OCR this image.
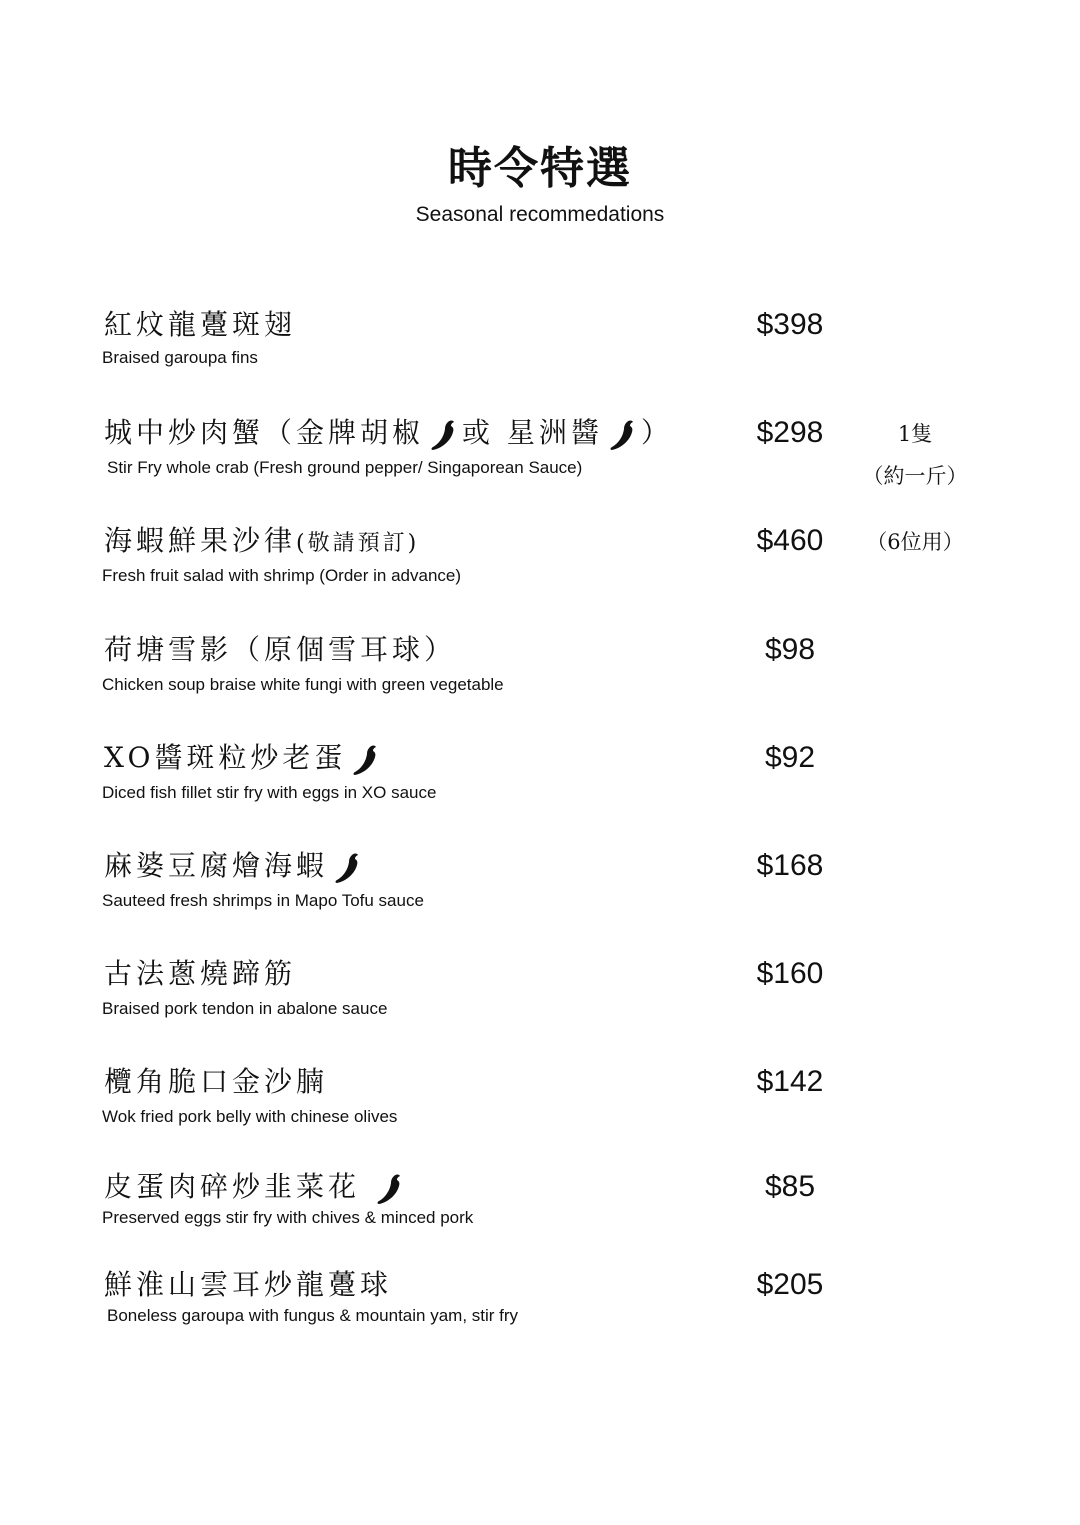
時令特選
Seasonal recommedations
紅炆龍躉斑翅
Braised garoupa fins
$398
城中炒肉蟹（金牌胡椒 或 星洲醬 ）
Stir Fry whole crab (Fresh ground pepper/ Singaporean Sauce)
$298	1隻
（約一斤）
海蝦鮮果沙律(敬請預訂)
Fresh fruit salad with shrimp (Order in advance)
$460	（6位用）
荷塘雪影（原個雪耳球）
Chicken soup braise white fungi with green vegetable
$98
XO醬斑粒炒老蛋
Diced fish fillet stir fry with eggs in XO sauce
$92
麻婆豆腐燴海蝦
Sauteed fresh shrimps in Mapo Tofu sauce
$168
古法蔥燒蹄筋
Braised pork tendon in abalone sauce
$160
欖角脆口金沙腩
Wok fried pork belly with chinese olives
$142
皮蛋肉碎炒韭菜花
Preserved eggs stir fry with chives & minced pork
$85
鮮淮山雲耳炒龍躉球
Boneless garoupa with fungus & mountain yam, stir fry
$205
